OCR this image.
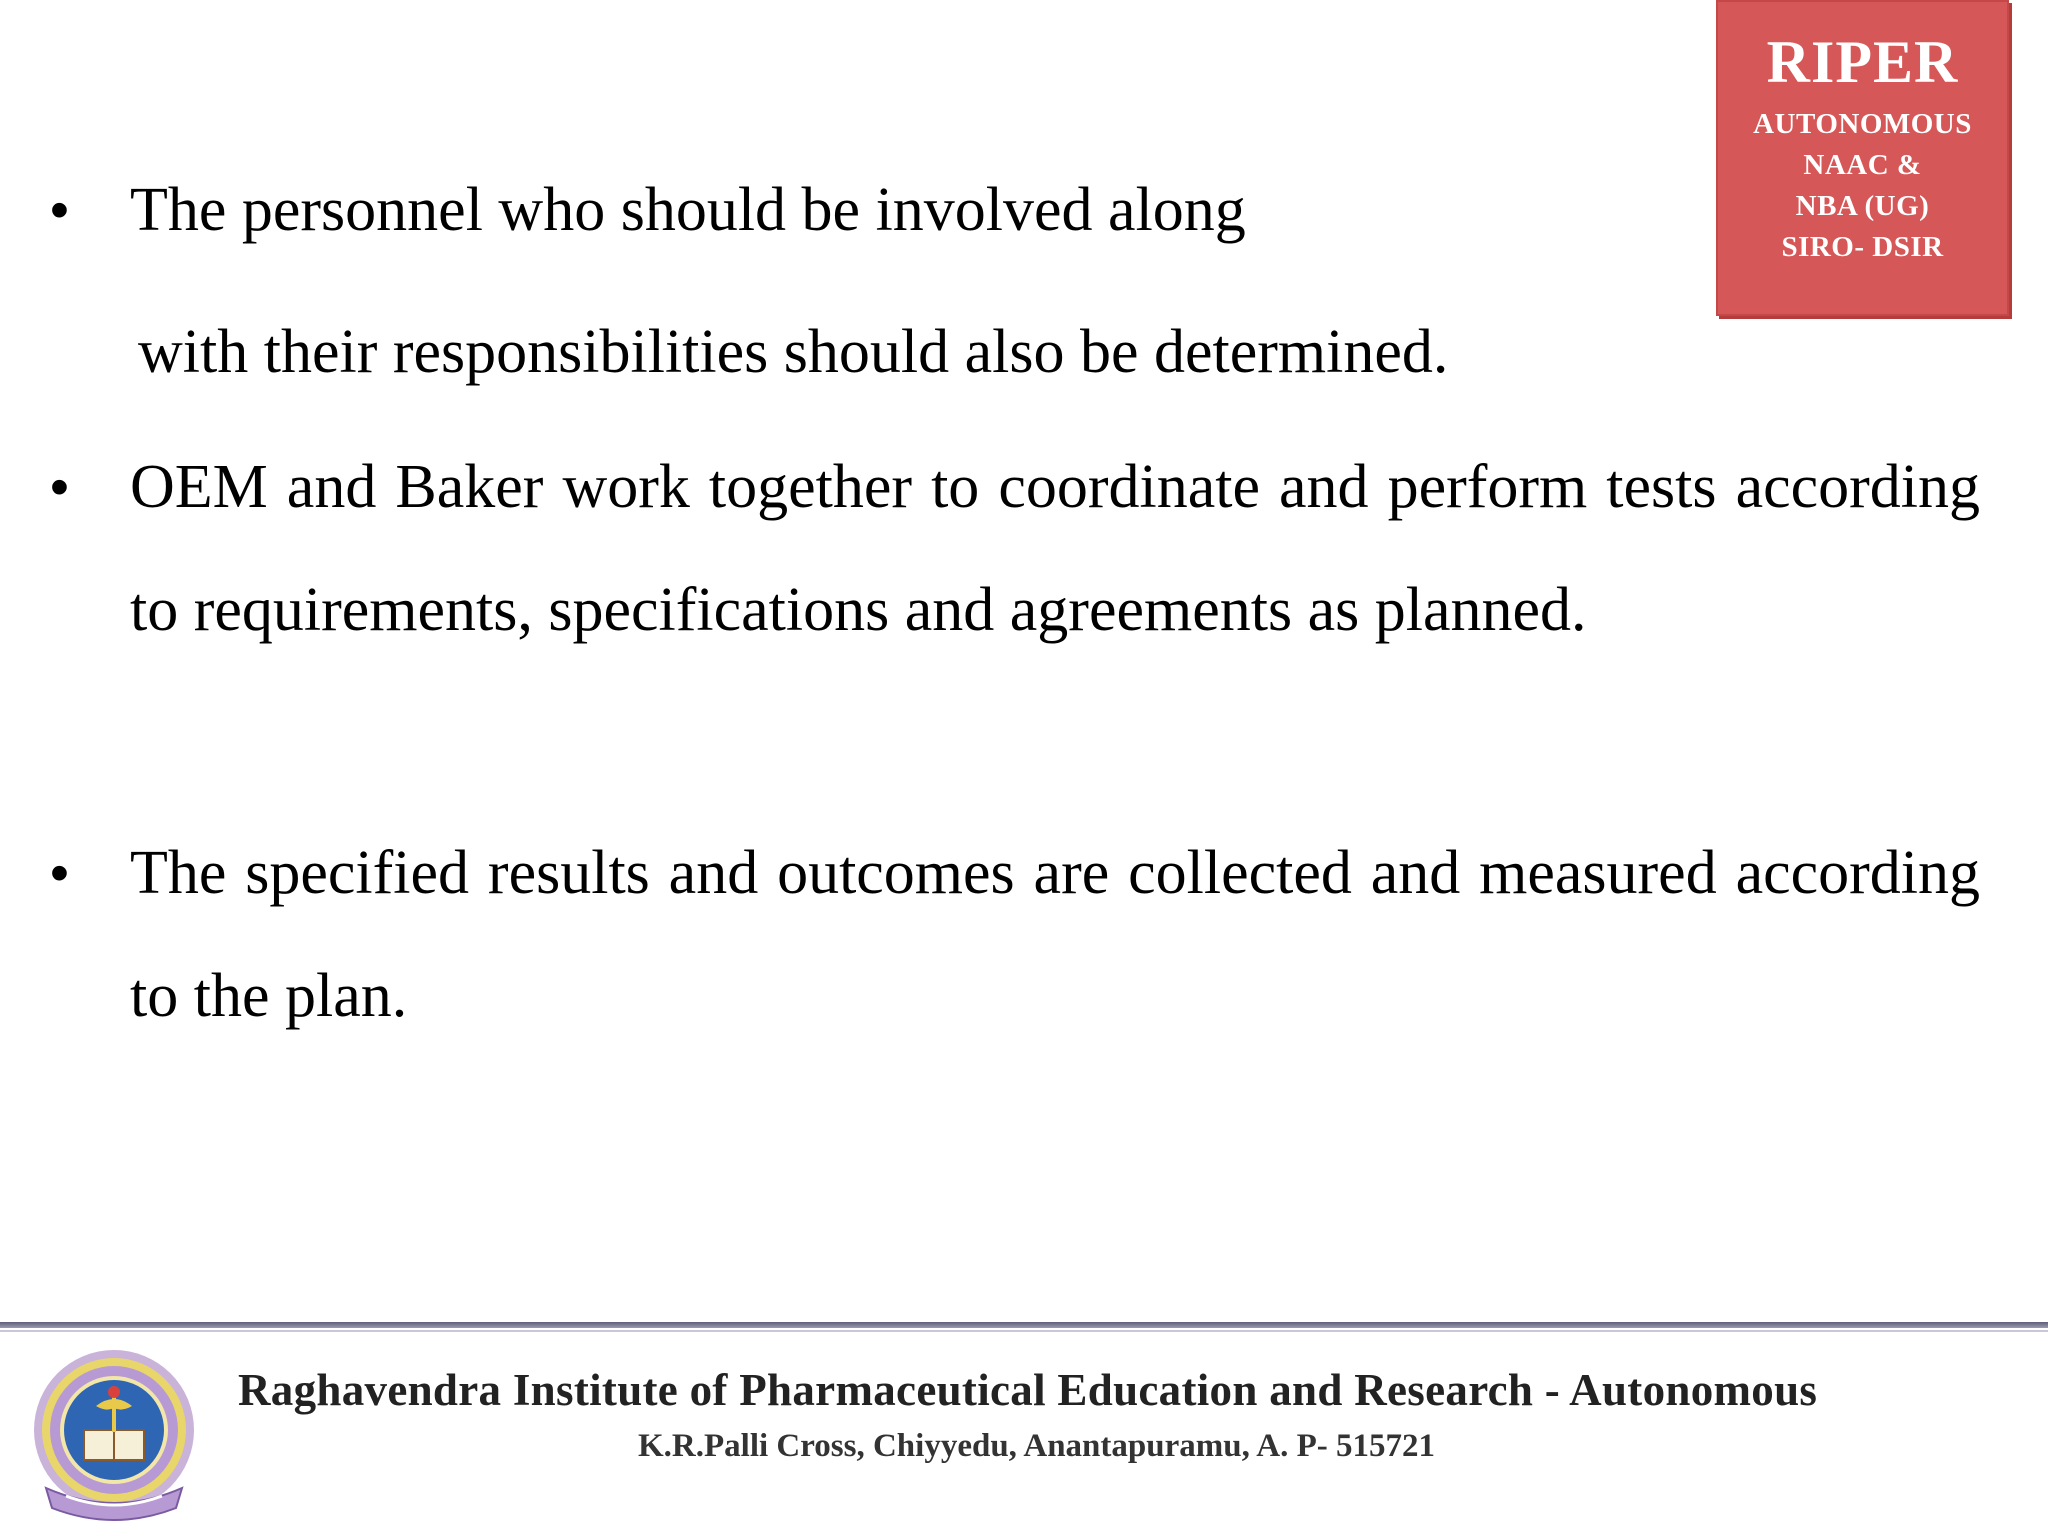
RIPER
AUTONOMOUS
NAAC &
NBA (UG)
SIRO- DSIR
• The personnel who should be involved along
with their responsibilities should also be determined.
• OEM and Baker work together to coordinate and perform tests according to requirements, specifications and agreements as planned.
• The specified results and outcomes are collected and measured according to the plan.
Raghavendra Institute of Pharmaceutical Education and Research - Autonomous
K.R.Palli Cross, Chiyyedu, Anantapuramu, A. P- 515721
